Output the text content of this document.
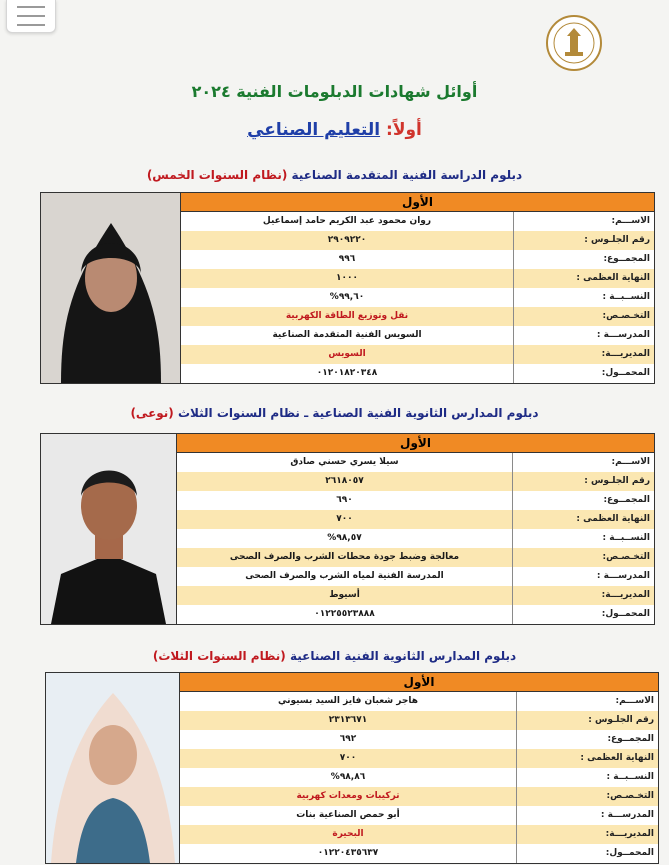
أوائل شهادات الدبلومات الفنية ٢٠٢٤
أولاً: التعليم الصناعي
دبلوم الدراسة الفنية المتقدمة الصناعية (نظام السنوات الخمس)
الأول
روان محمود عبد الكريم حامد إسماعيل	الاســـم:
٢٩٠٩٢٢٠	رقم الجلـوس :
٩٩٦	المجمــوع:
١٠٠٠	النهاية العظمى :
%٩٩,٦٠	النســبــة :
نقل وتوزيع الطاقة الكهربية	التخـصـص:
السويس الفنية المتقدمة الصناعية	المدرســـة :
السويس	المديريـــة:
٠١٢٠١٨٢٠٣٤٨	المحمــول:
دبلوم المدارس الثانوية الفنية الصناعية ـ نظام السنوات الثلاث (نوعى)
الأول
سيلا يسري حسني صادق	الاســـم:
٢٦١٨٠٥٧	رقم الجلـوس :
٦٩٠	المجمــوع:
٧٠٠	النهاية العظمى :
%٩٨,٥٧	النســبــة :
معالجة وضبط جودة محطات الشرب والصرف الصحى	التخـصـص:
المدرسة الفنية لمياه الشرب والصرف الصحى	المدرســـة :
أسيوط	المديريـــة:
٠١٢٢٥٥٢٣٨٨٨	المحمــول:
دبلوم المدارس الثانوية الفنية الصناعية (نظام السنوات الثلاث)
الأول
هاجر شعبان فايز السيد بسيوني	الاســـم:
٢٣١٣٦٧١	رقم الجلـوس :
٦٩٢	المجمــوع:
٧٠٠	النهاية العظمى :
%٩٨,٨٦	النســبــة :
تركيبات ومعدات كهربية	التخـصـص:
أبو حمص الصناعية بنات	المدرســـة :
البحيرة	المديريـــة:
٠١٢٢٠٤٣٥٦٣٧	المحمــول:
